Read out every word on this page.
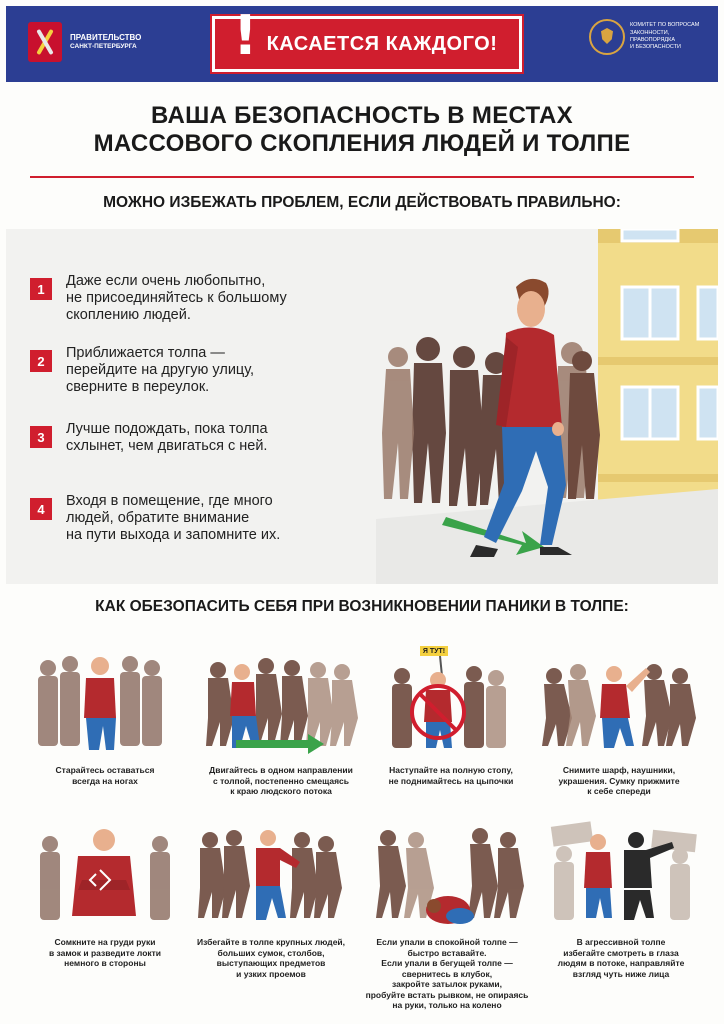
ПРАВИТЕЛЬСТВО
САНКТ-ПЕТЕРБУРГА	! КАСАЕТСЯ КАЖДОГО!
КОМИТЕТ ПО ВОПРОСАМ
ЗАКОННОСТИ, ПРАВОПОРЯДКА
И БЕЗОПАСНОСТИ
ВАША БЕЗОПАСНОСТЬ В МЕСТАХ
МАССОВОГО СКОПЛЕНИЯ ЛЮДЕЙ И ТОЛПЕ
МОЖНО ИЗБЕЖАТЬ ПРОБЛЕМ, ЕСЛИ ДЕЙСТВОВАТЬ ПРАВИЛЬНО:
1	Даже если очень любопытно,
не присоединяйтесь к большому
скоплению людей.
2	Приближается толпа —
перейдите на другую улицу,
сверните в переулок.
3	Лучше подождать, пока толпа
схлынет, чем двигаться с ней.
4	Входя в помещение, где много
людей, обратите внимание
на пути выхода и запомните их.
КАК ОБЕЗОПАСИТЬ СЕБЯ ПРИ ВОЗНИКНОВЕНИИ ПАНИКИ В ТОЛПЕ:
Старайтесь оставаться
всегда на ногах
Двигайтесь в одном направлении
с толпой, постепенно смещаясь
к краю людского потока
Я ТУТ!
Наступайте на полную стопу,
не поднимайтесь на цыпочки
Снимите шарф, наушники,
украшения. Сумку прижмите
к себе спереди
Сомкните на груди руки
в замок и разведите локти
немного в стороны
Избегайте в толпе крупных людей,
больших сумок, столбов,
выступающих предметов
и узких проемов
Если упали в спокойной толпе —
быстро вставайте.
Если упали в бегущей толпе —
свернитесь в клубок,
закройте затылок руками,
пробуйте встать рывком, не опираясь
на руки, только на колено
В агрессивной толпе
избегайте смотреть в глаза
людям в потоке, направляйте
взгляд чуть ниже лица
